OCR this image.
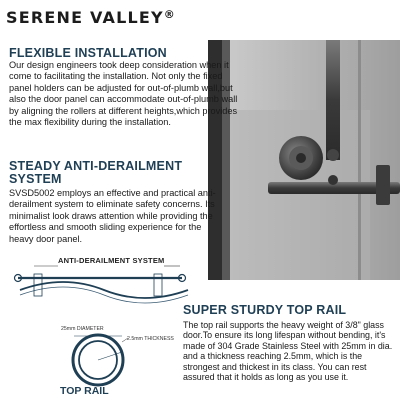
SERENE VALLEY®
FLEXIBLE INSTALLATION
Our design engineers took deep consideration when it come to facilitating the installation. Not only the fixed panel holders can be adjusted for out-of-plumb wall,but also the door panel can accommodate out-of-plumb wall by aligning the rollers at different heights,which provides the max flexibility during the installation.
STEADY ANTI-DERAILMENT SYSTEM
SVSD5002 employs an effective and practical anti-derailment system to eliminate safety concerns. Its minimalist look draws attention while providing the effortless and smooth sliding experience for the heavy door panel.
ANTI-DERAILMENT SYSTEM
25mm DIAMETER
2.5mm THICKNESS
TOP RAIL
SUPER STURDY TOP RAIL
The top rail supports the heavy weight of 3/8" glass door.To ensure its long lifespan without bending, it's made of 304 Grade Stainless Steel with 25mm in dia. and a thickness reaching 2.5mm, which is the strongest and thickest in its class. You can rest assured that it holds as long as you use it.
